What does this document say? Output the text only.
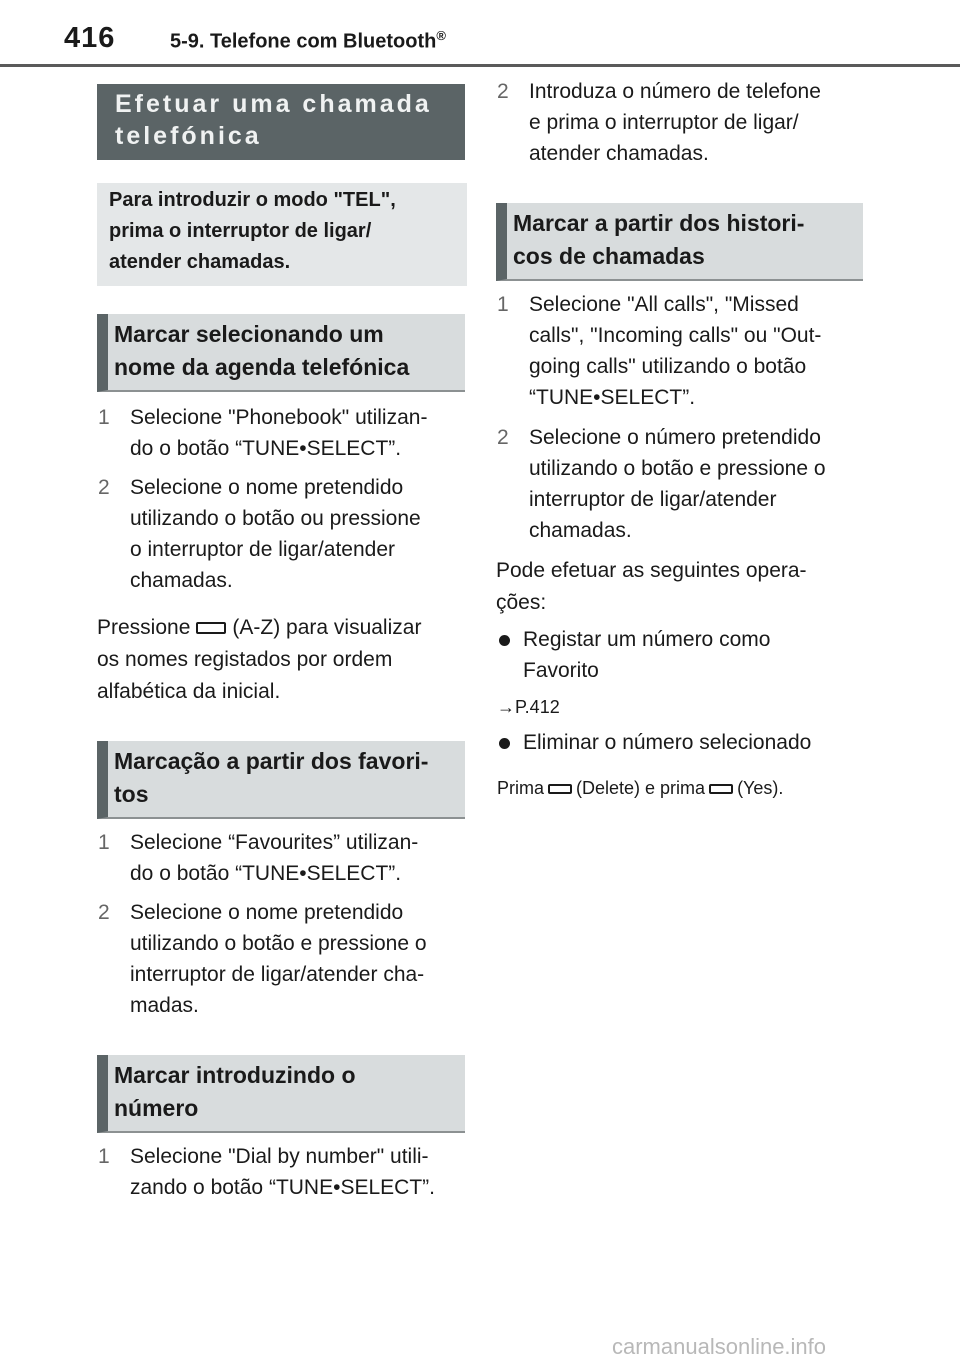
416	5-9. Telefone com Bluetooth®
Efetuar uma chamada
telefónica
Para introduzir o modo "TEL",
prima o interruptor de ligar/
atender chamadas.
Marcar selecionando um
nome da agenda telefónica
1 Selecione "Phonebook" utilizan-
do o botão “TUNE•SELECT”.
2 Selecione o nome pretendido
utilizando o botão ou pressione
o interruptor de ligar/atender
chamadas.
Pressione (A-Z) para visualizar
os nomes registados por ordem
alfabética da inicial.
Marcação a partir dos favori-
tos
1 Selecione “Favourites” utilizan-
do o botão “TUNE•SELECT”.
2 Selecione o nome pretendido
utilizando o botão e pressione o
interruptor de ligar/atender cha-
madas.
Marcar introduzindo o
número
1 Selecione "Dial by number" utili-
zando o botão “TUNE•SELECT”.
2 Introduza o número de telefone
e prima o interruptor de ligar/
atender chamadas.
Marcar a partir dos histori-
cos de chamadas
1 Selecione "All calls", "Missed
calls", "Incoming calls" ou "Out-
going calls" utilizando o botão
“TUNE•SELECT”.
2 Selecione o número pretendido
utilizando o botão e pressione o
interruptor de ligar/atender
chamadas.
Pode efetuar as seguintes opera-
ções:
Registar um número como
Favorito
→P.412
Eliminar o número selecionado
Prima (Delete) e prima (Yes).
carmanualsonline.info
